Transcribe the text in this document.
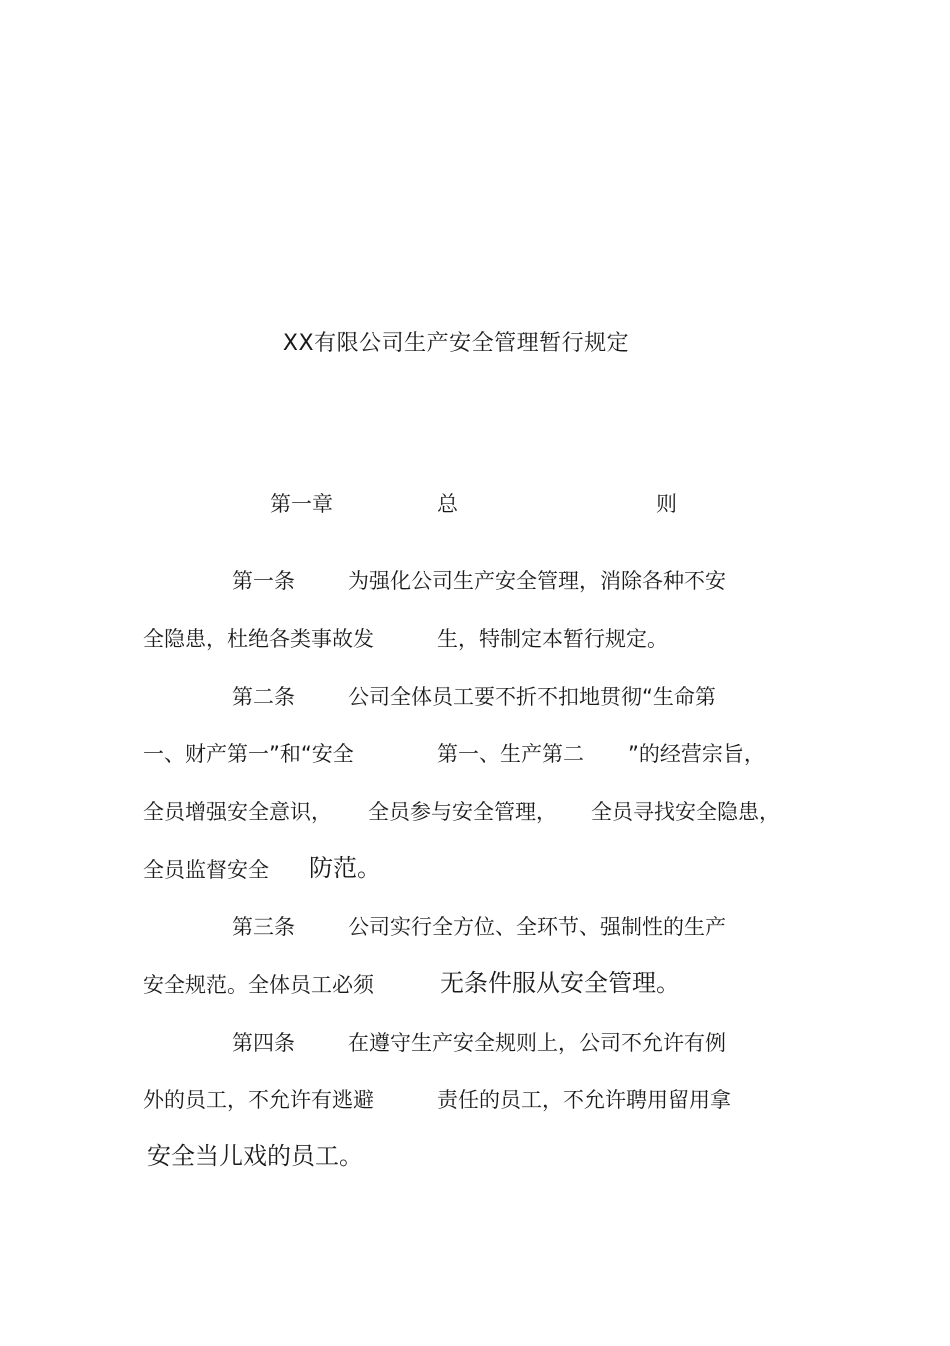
XX有限公司生产安全管理暂行规定
第一章	总	则
第一条	为强化公司生产安全管理，消除各种不安
全隐患，杜绝各类事故发	生，特制定本暂行规定。
第二条	公司全体员工要不折不扣地贯彻“生命第
一、财产第一”和“安全	第一、生产第二 ”的经营宗旨，
全员增强安全意识， 全员参与安全管理， 全员寻找安全隐患，
全员监督安全 防范。
第三条	公司实行全方位、全环节、强制性的生产
安全规范。全体员工必须	无条件服从安全管理。
第四条	在遵守生产安全规则上，公司不允许有例
外的员工，不允许有逃避	责任的员工，不允许聘用留用拿
安全当儿戏的员工。
